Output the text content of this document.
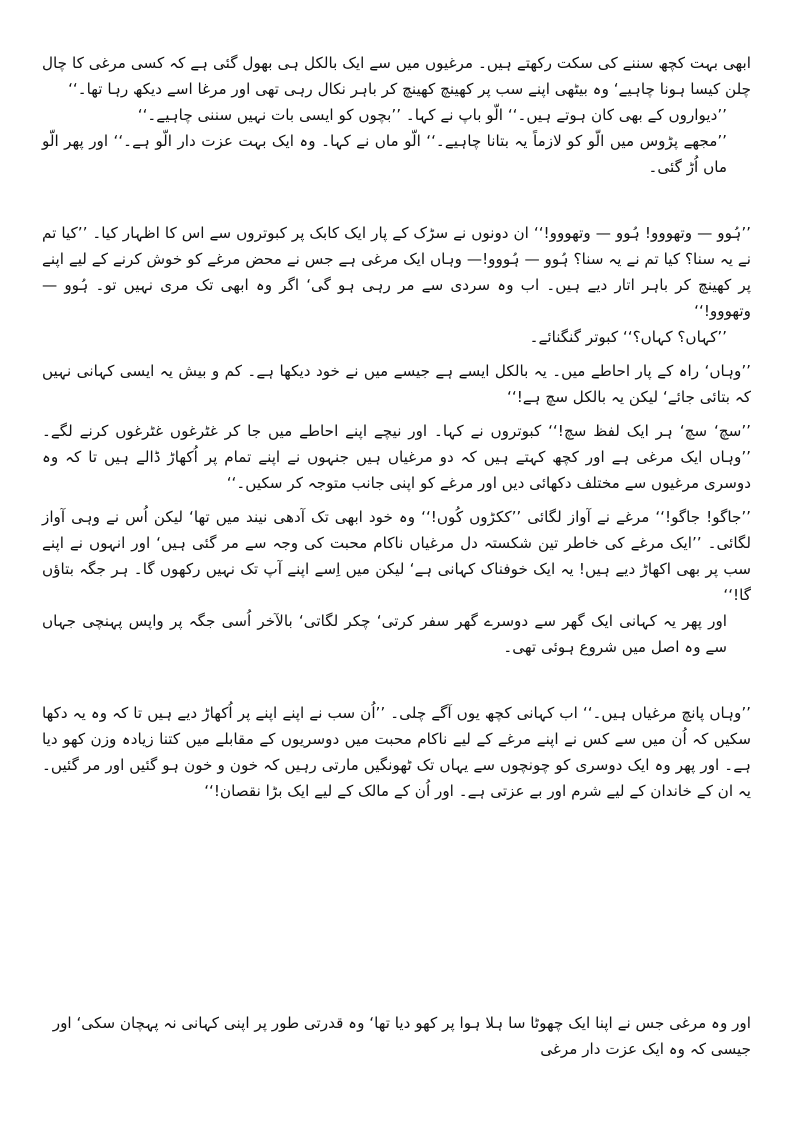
ابھی بہت کچھ سننے کی سکت رکھتے ہیں۔ مرغیوں میں سے ایک بالکل ہی بھول گئی ہے کہ کسی مرغی کا چال چلن کیسا ہونا چاہیے‘ وہ بیٹھی اپنے سب پر کھینچ کھینچ کر باہر نکال رہی تھی اور مرغا اسے دیکھ رہا تھا۔‘‘

’’دیواروں کے بھی کان ہوتے ہیں۔‘‘ الّو باپ نے کہا۔ ’’بچوں کو ایسی بات نہیں سننی چاہیے۔‘‘

’’مجھے پڑوس میں الّو کو لازماً یہ بتانا چاہیے۔‘‘ الّو ماں نے کہا۔ وہ ایک بہت عزت دار الّو ہے۔‘‘ اور پھر الّو ماں اُڑ گئی۔

’’ہُوو — وتھووو! ہُوو — وتھووو!‘‘ ان دونوں نے سڑک کے پار ایک کابک پر کبوتروں سے اس کا اظہار کیا۔ ’’کیا تم نے یہ سنا؟ کیا تم نے یہ سنا؟ ہُوو — ہُووو!— وہاں ایک مرغی ہے جس نے محض مرغے کو خوش کرنے کے لیے اپنے پر کھینچ کر باہر اتار دیے ہیں۔ اب وہ سردی سے مر رہی ہو گی‘ اگر وہ ابھی تک مری نہیں تو۔ ہُوو — وتھووو!‘‘

’’کہاں؟ کہاں؟‘‘ کبوتر گنگنائے۔

’’وہاں‘ راہ کے پار احاطے میں۔ یہ بالکل ایسے ہے جیسے میں نے خود دیکھا ہے۔ کم و بیش یہ ایسی کہانی نہیں کہ بتائی جائے‘ لیکن یہ بالکل سچ ہے!‘‘

’’سچ‘ سچ‘ ہر ایک لفظ سچ!‘‘ کبوتروں نے کہا۔ اور نیچے اپنے احاطے میں جا کر غٹرغوں غٹرغوں کرنے لگے۔ ’’وہاں ایک مرغی ہے اور کچھ کہتے ہیں کہ دو مرغیاں ہیں جنہوں نے اپنے تمام پر اُکھاڑ ڈالے ہیں تا کہ وہ دوسری مرغیوں سے مختلف دکھائی دیں اور مرغے کو اپنی جانب متوجہ کر سکیں۔‘‘

’’جاگو! جاگو!‘‘ مرغے نے آواز لگائی ’’ککڑوں کُوں!‘‘ وہ خود ابھی تک آدھی نیند میں تھا‘ لیکن اُس نے وہی آواز لگائی۔ ’’ایک مرغے کی خاطر تین شکستہ دل مرغیاں ناکام محبت کی وجہ سے مر گئی ہیں‘ اور انہوں نے اپنے سب پر بھی اکھاڑ دیے ہیں! یہ ایک خوفناک کہانی ہے‘ لیکن میں اِسے اپنے آپ تک نہیں رکھوں گا۔ ہر جگہ بتاؤں گا!‘‘

اور پھر یہ کہانی ایک گھر سے دوسرے گھر سفر کرتی‘ چکر لگاتی‘ بالآخر اُسی جگہ پر واپس پہنچی جہاں سے وہ اصل میں شروع ہوئی تھی۔

’’وہاں پانچ مرغیاں ہیں۔‘‘ اب کہانی کچھ یوں آگے چلی۔ ’’اُن سب نے اپنے اپنے پر اُکھاڑ دیے ہیں تا کہ وہ یہ دکھا سکیں کہ اُن میں سے کس نے اپنے مرغے کے لیے ناکام محبت میں دوسریوں کے مقابلے میں کتنا زیادہ وزن کھو دیا ہے۔ اور پھر وہ ایک دوسری کو چونچوں سے یہاں تک ٹھونگیں مارتی رہیں کہ خون و خون ہو گئیں اور مر گئیں۔ یہ ان کے خاندان کے لیے شرم اور بے عزتی ہے۔ اور اُن کے مالک کے لیے ایک بڑا نقصان!‘‘

اور وہ مرغی جس نے اپنا ایک چھوٹا سا ہلا ہوا پر کھو دیا تھا‘ وہ قدرتی طور پر اپنی کہانی نہ پہچان سکی‘ اور جیسی کہ وہ ایک عزت دار مرغی
